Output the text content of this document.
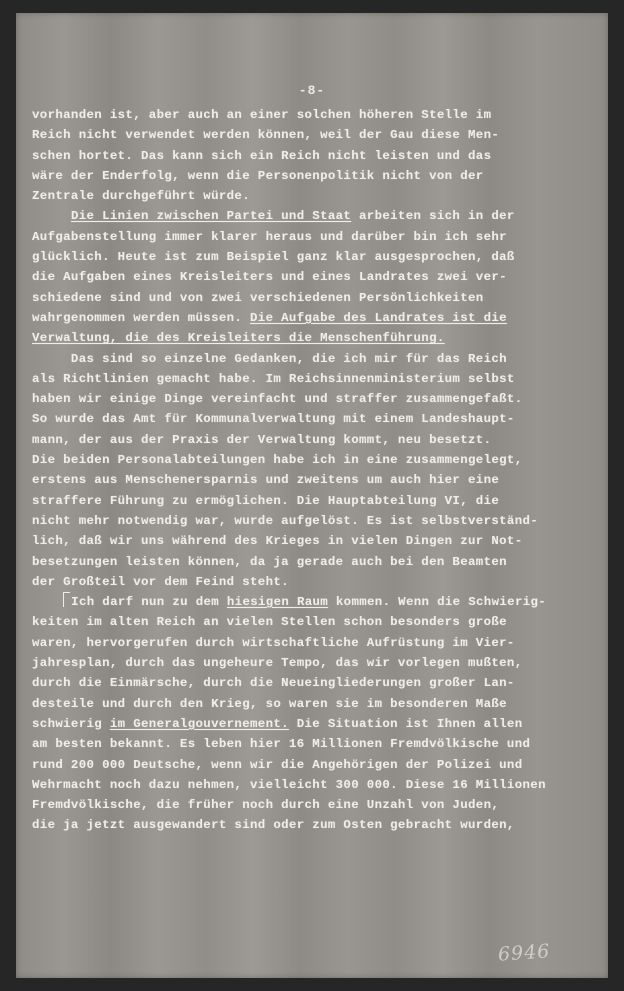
-8-
vorhanden ist, aber auch an einer solchen höheren Stelle im
Reich nicht verwendet werden können, weil der Gau diese Men-
schen hortet. Das kann sich ein Reich nicht leisten und das
wäre der Enderfolg, wenn die Personenpolitik nicht von der
Zentrale durchgeführt würde.
Die Linien zwischen Partei und Staat arbeiten sich in der
Aufgabenstellung immer klarer heraus und darüber bin ich sehr
glücklich. Heute ist zum Beispiel ganz klar ausgesprochen, daß
die Aufgaben eines Kreisleiters und eines Landrates zwei ver-
schiedene sind und von zwei verschiedenen Persönlichkeiten
wahrgenommen werden müssen. Die Aufgabe des Landrates ist die
Verwaltung, die des Kreisleiters die Menschenführung.
Das sind so einzelne Gedanken, die ich mir für das Reich
als Richtlinien gemacht habe. Im Reichsinnenministerium selbst
haben wir einige Dinge vereinfacht und straffer zusammengefaßt.
So wurde das Amt für Kommunalverwaltung mit einem Landeshaupt-
mann, der aus der Praxis der Verwaltung kommt, neu besetzt.
Die beiden Personalabteilungen habe ich in eine zusammengelegt,
erstens aus Menschenersparnis und zweitens um auch hier eine
straffere Führung zu ermöglichen. Die Hauptabteilung VI, die
nicht mehr notwendig war, wurde aufgelöst. Es ist selbstverständ-
lich, daß wir uns während des Krieges in vielen Dingen zur Not-
besetzungen leisten können, da ja gerade auch bei den Beamten
der Großteil vor dem Feind steht.
Ich darf nun zu dem hiesigen Raum kommen. Wenn die Schwierig-
keiten im alten Reich an vielen Stellen schon besonders große
waren, hervorgerufen durch wirtschaftliche Aufrüstung im Vier-
jahresplan, durch das ungeheure Tempo, das wir vorlegen mußten,
durch die Einmärsche, durch die Neueingliederungen großer Lan-
desteile und durch den Krieg, so waren sie im besonderen Maße
schwierig im Generalgouvernement. Die Situation ist Ihnen allen
am besten bekannt. Es leben hier 16 Millionen Fremdvölkische und
rund 200 000 Deutsche, wenn wir die Angehörigen der Polizei und
Wehrmacht noch dazu nehmen, vielleicht 300 000. Diese 16 Millionen
Fremdvölkische, die früher noch durch eine Unzahl von Juden,
die ja jetzt ausgewandert sind oder zum Osten gebracht wurden,
6946
